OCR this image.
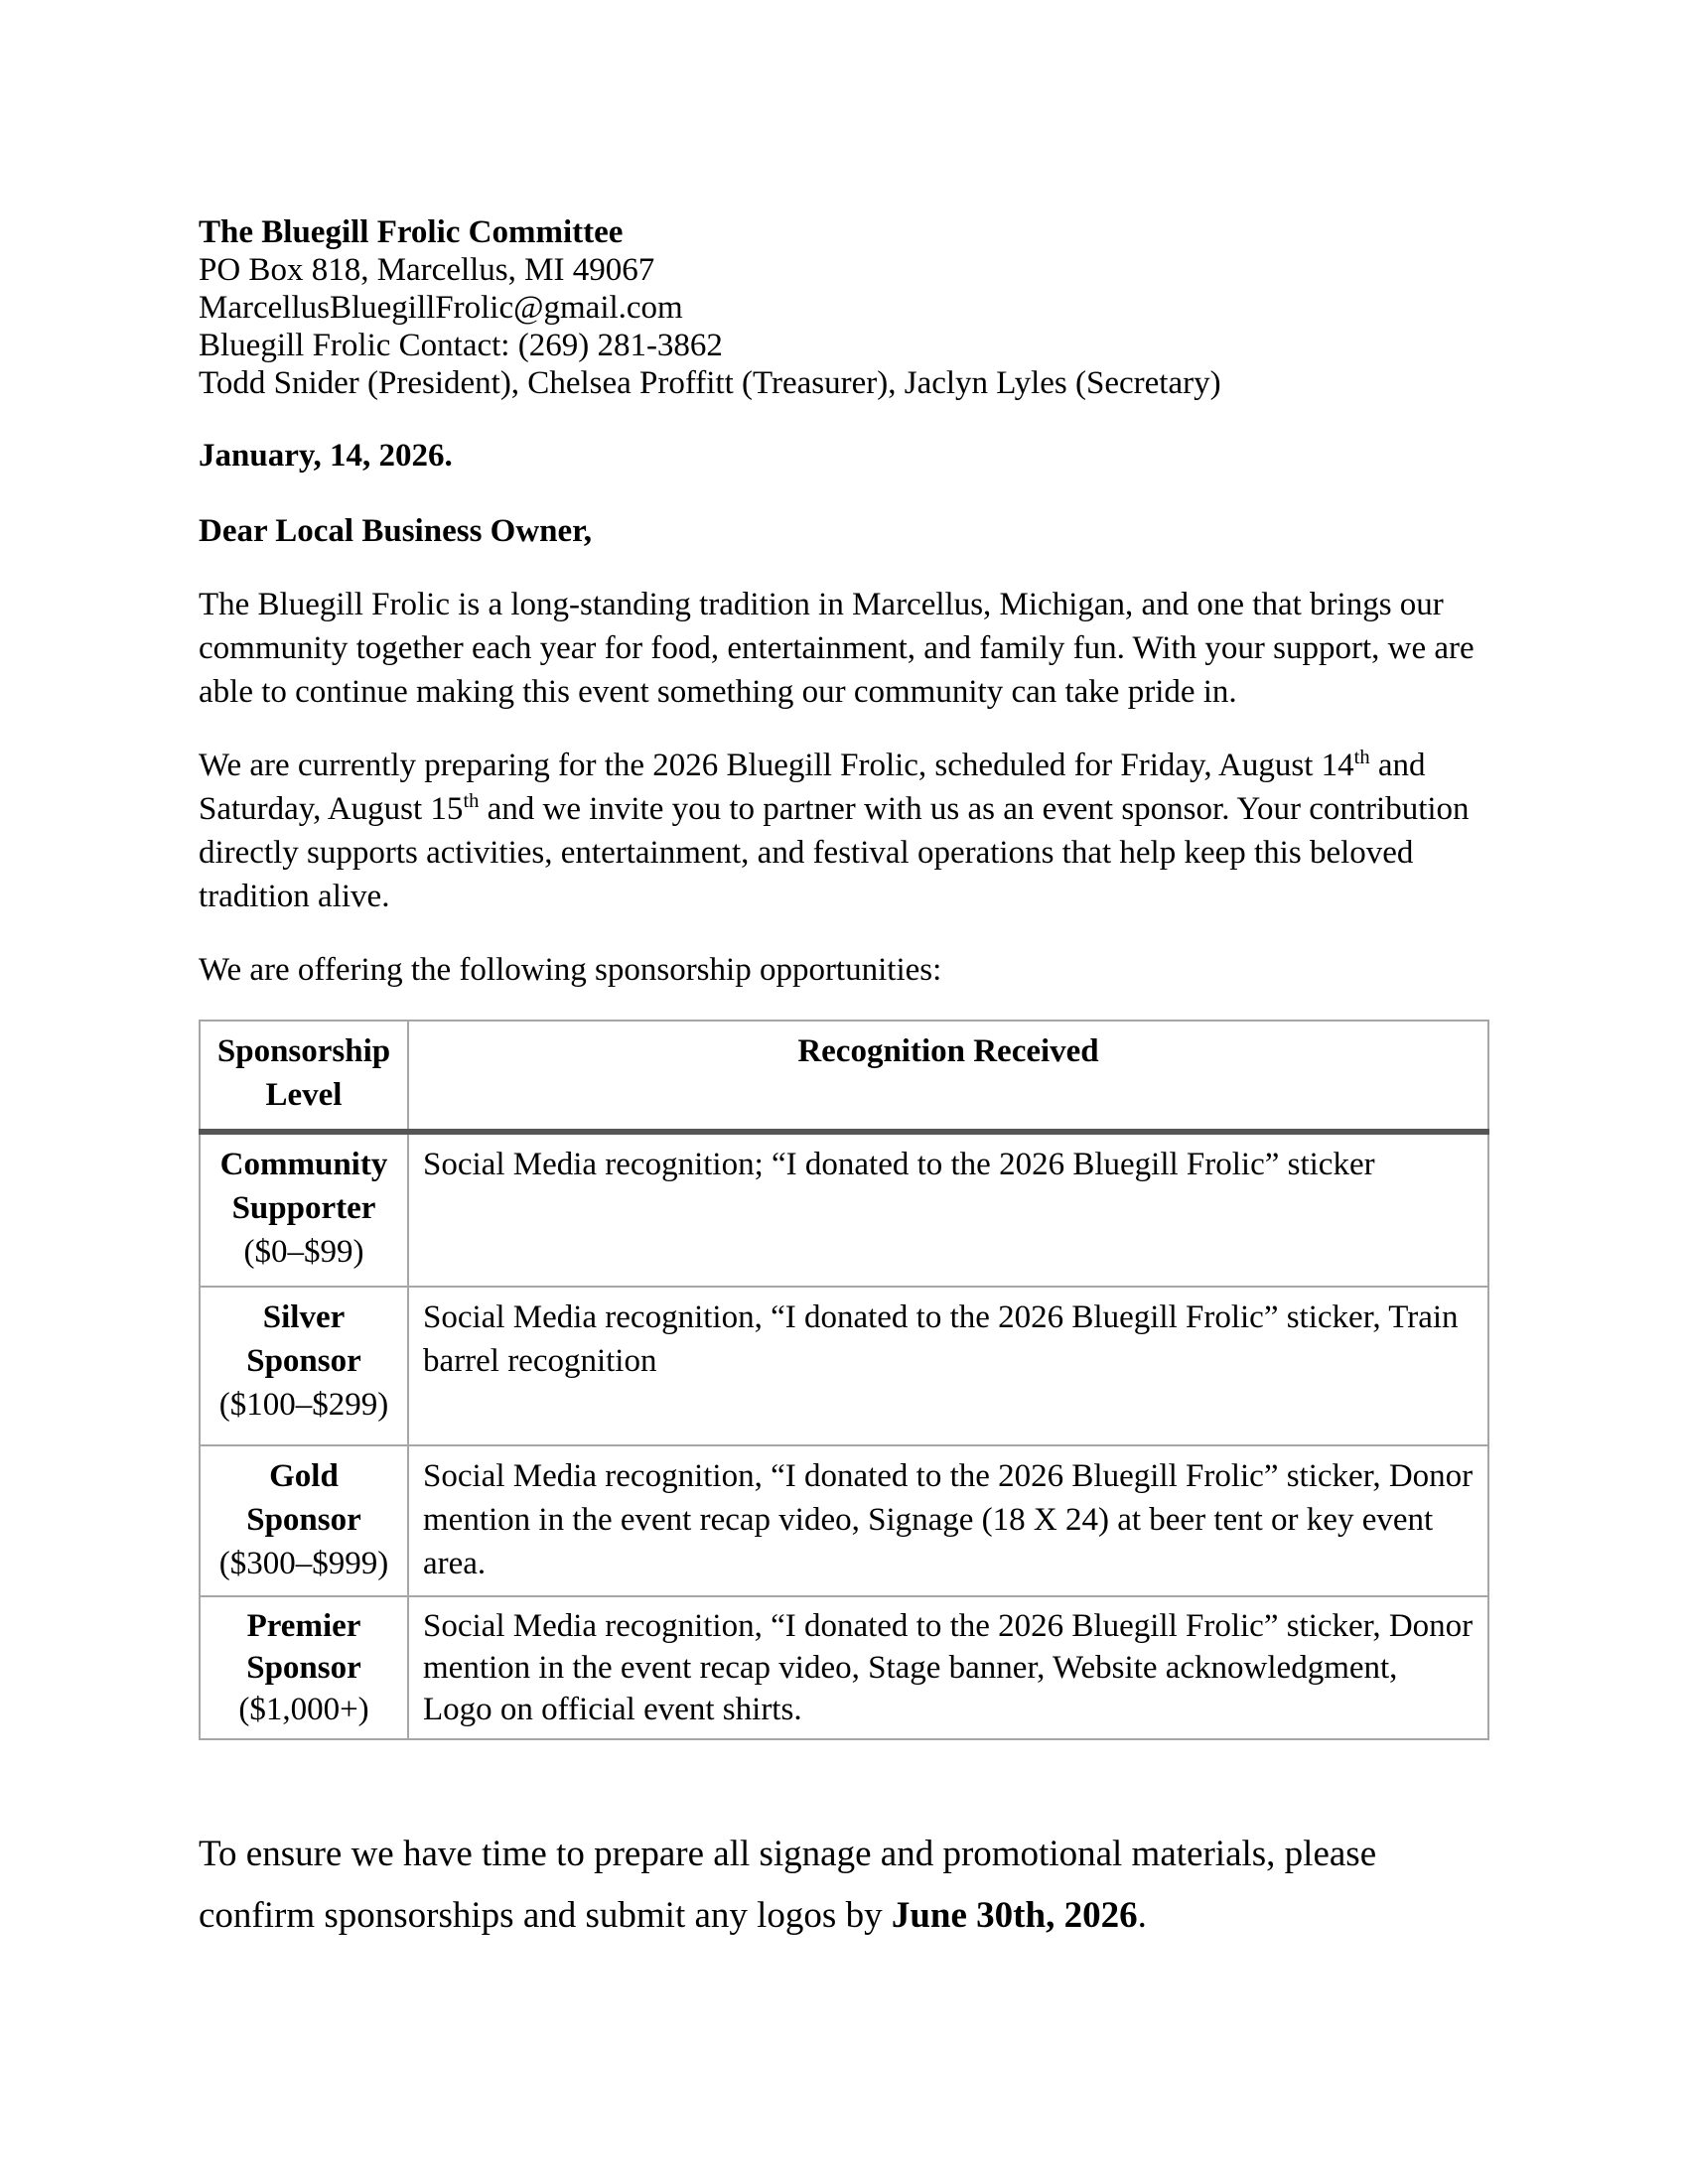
The Bluegill Frolic Committee
PO Box 818, Marcellus, MI 49067
MarcellusBluegillFrolic@gmail.com
Bluegill Frolic Contact: (269) 281-3862
Todd Snider (President), Chelsea Proffitt (Treasurer), Jaclyn Lyles (Secretary)
January, 14, 2026.
Dear Local Business Owner,
The Bluegill Frolic is a long-standing tradition in Marcellus, Michigan, and one that brings our community together each year for food, entertainment, and family fun. With your support, we are able to continue making this event something our community can take pride in.
We are currently preparing for the 2026 Bluegill Frolic, scheduled for Friday, August 14th and Saturday, August 15th and we invite you to partner with us as an event sponsor. Your contribution directly supports activities, entertainment, and festival operations that help keep this beloved tradition alive.
We are offering the following sponsorship opportunities:
Sponsorship Level	Recognition Received

Community Supporter
($0–$99)	Social Media recognition; “I donated to the 2026 Bluegill Frolic” sticker

Silver Sponsor
($100–$299)	Social Media recognition, “I donated to the 2026 Bluegill Frolic” sticker, Train barrel recognition

Gold Sponsor
($300–$999)	Social Media recognition, “I donated to the 2026 Bluegill Frolic” sticker, Donor mention in the event recap video, Signage (18 X 24) at beer tent or key event area.

Premier Sponsor
($1,000+)	Social Media recognition, “I donated to the 2026 Bluegill Frolic” sticker, Donor mention in the event recap video, Stage banner, Website acknowledgment, Logo on official event shirts.
To ensure we have time to prepare all signage and promotional materials, please confirm sponsorships and submit any logos by June 30th, 2026.
